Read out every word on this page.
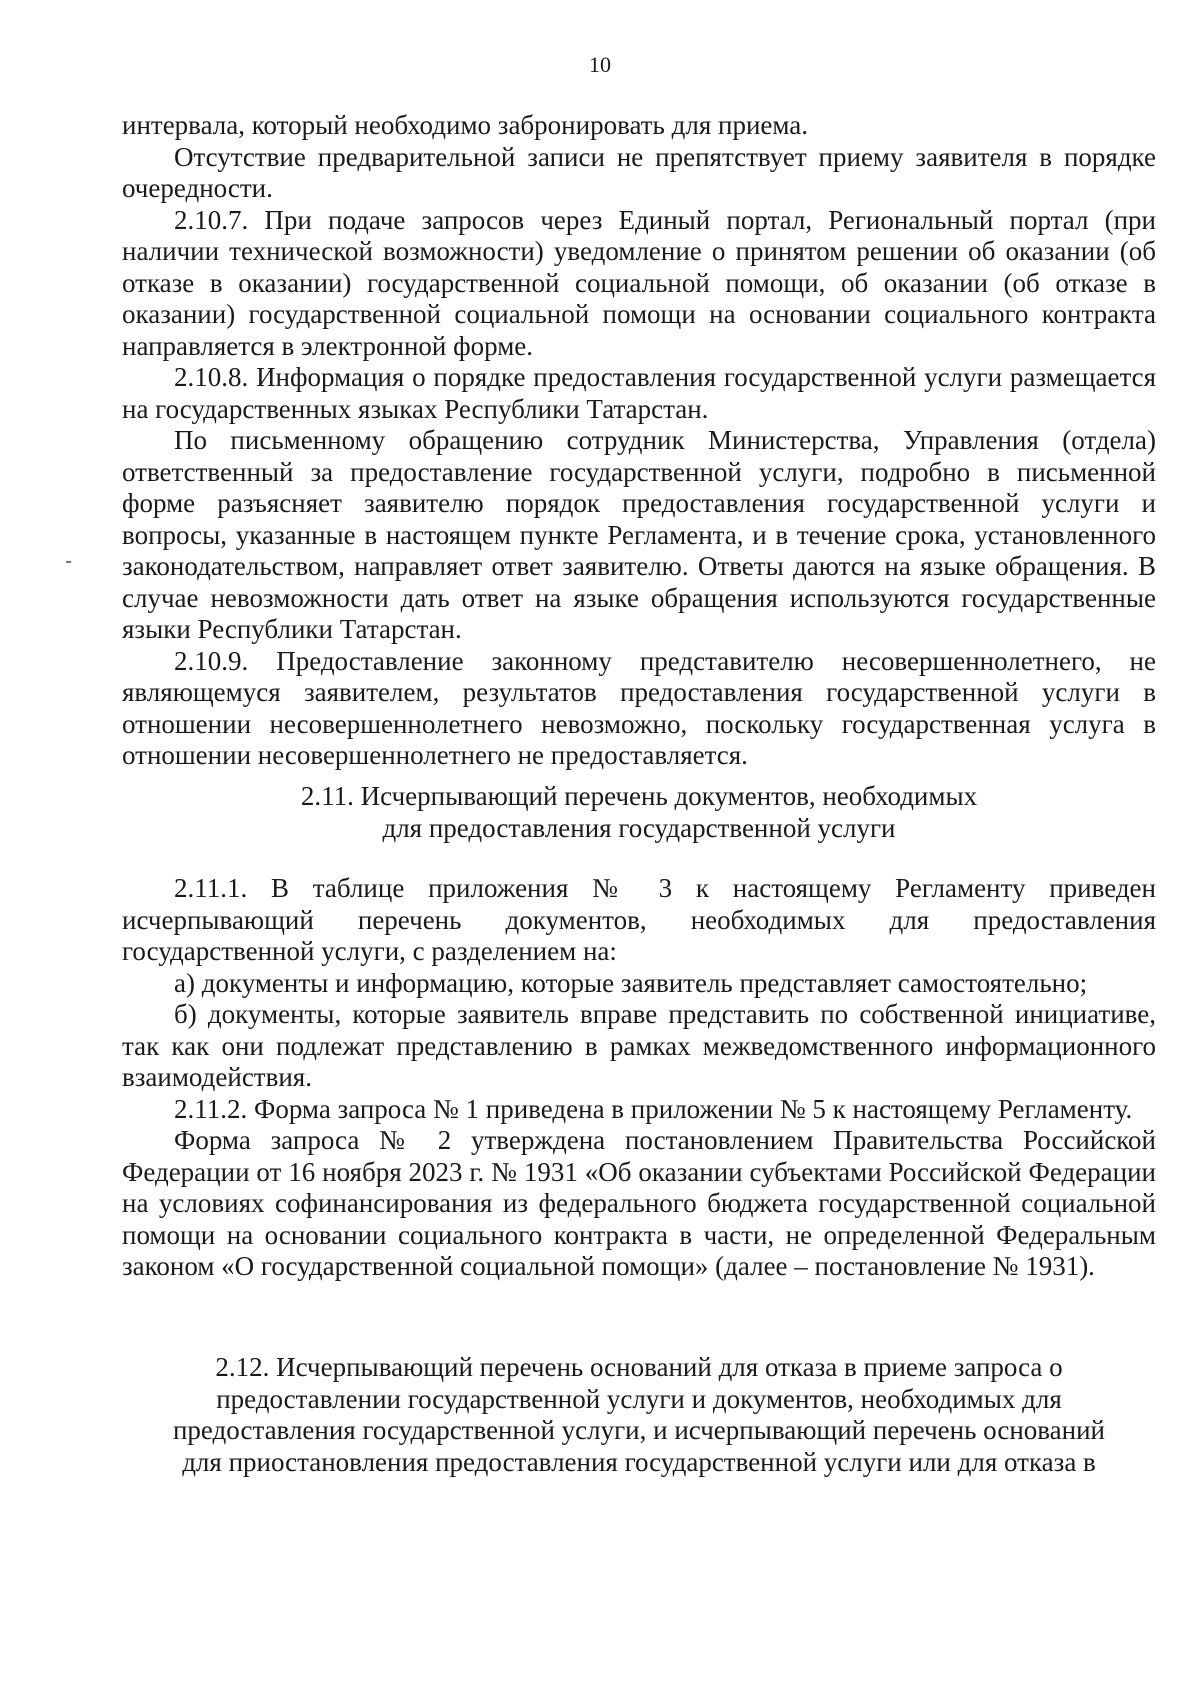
10

интервала, который необходимо забронировать для приема.

Отсутствие предварительной записи не препятствует приему заявителя в порядке очередности.

2.10.7. При подаче запросов через Единый портал, Региональный портал (при наличии технической возможности) уведомление о принятом решении об оказании (об отказе в оказании) государственной социальной помощи, об оказании (об отказе в оказании) государственной социальной помощи на основании социального контракта направляется в электронной форме.

2.10.8. Информация о порядке предоставления государственной услуги размещается на государственных языках Республики Татарстан.

По письменному обращению сотрудник Министерства, Управления (отдела) ответственный за предоставление государственной услуги, подробно в письменной форме разъясняет заявителю порядок предоставления государственной услуги и вопросы, указанные в настоящем пункте Регламента, и в течение срока, установленного законодательством, направляет ответ заявителю. Ответы даются на языке обращения. В случае невозможности дать ответ на языке обращения используются государственные языки Республики Татарстан.

2.10.9. Предоставление законному представителю несовершеннолетнего, не являющемуся заявителем, результатов предоставления государственной услуги в отношении несовершеннолетнего невозможно, поскольку государственная услуга в отношении несовершеннолетнего не предоставляется.

2.11. Исчерпывающий перечень документов, необходимых
для предоставления государственной услуги

2.11.1. В таблице приложения № 3 к настоящему Регламенту приведен исчерпывающий перечень документов, необходимых для предоставления государственной услуги, с разделением на:

а) документы и информацию, которые заявитель представляет самостоятельно;

б) документы, которые заявитель вправе представить по собственной инициативе, так как они подлежат представлению в рамках межведомственного информационного взаимодействия.

2.11.2. Форма запроса № 1 приведена в приложении № 5 к настоящему Регламенту.

Форма запроса № 2 утверждена постановлением Правительства Российской Федерации от 16 ноября 2023 г. № 1931 «Об оказании субъектами Российской Федерации на условиях софинансирования из федерального бюджета государственной социальной помощи на основании социального контракта в части, не определенной Федеральным законом «О государственной социальной помощи» (далее – постановление № 1931).

2.12. Исчерпывающий перечень оснований для отказа в приеме запроса о
предоставлении государственной услуги и документов, необходимых для
предоставления государственной услуги, и исчерпывающий перечень оснований
для приостановления предоставления государственной услуги или для отказа в
